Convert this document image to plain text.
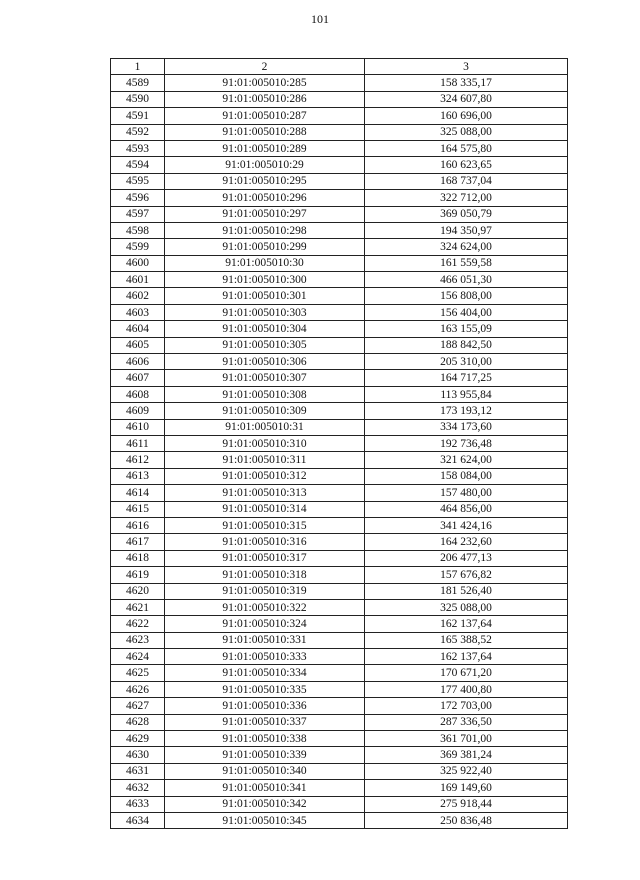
101
1	2	3
4589	91:01:005010:285	158 335,17
4590	91:01:005010:286	324 607,80
4591	91:01:005010:287	160 696,00
4592	91:01:005010:288	325 088,00
4593	91:01:005010:289	164 575,80
4594	91:01:005010:29	160 623,65
4595	91:01:005010:295	168 737,04
4596	91:01:005010:296	322 712,00
4597	91:01:005010:297	369 050,79
4598	91:01:005010:298	194 350,97
4599	91:01:005010:299	324 624,00
4600	91:01:005010:30	161 559,58
4601	91:01:005010:300	466 051,30
4602	91:01:005010:301	156 808,00
4603	91:01:005010:303	156 404,00
4604	91:01:005010:304	163 155,09
4605	91:01:005010:305	188 842,50
4606	91:01:005010:306	205 310,00
4607	91:01:005010:307	164 717,25
4608	91:01:005010:308	113 955,84
4609	91:01:005010:309	173 193,12
4610	91:01:005010:31	334 173,60
4611	91:01:005010:310	192 736,48
4612	91:01:005010:311	321 624,00
4613	91:01:005010:312	158 084,00
4614	91:01:005010:313	157 480,00
4615	91:01:005010:314	464 856,00
4616	91:01:005010:315	341 424,16
4617	91:01:005010:316	164 232,60
4618	91:01:005010:317	206 477,13
4619	91:01:005010:318	157 676,82
4620	91:01:005010:319	181 526,40
4621	91:01:005010:322	325 088,00
4622	91:01:005010:324	162 137,64
4623	91:01:005010:331	165 388,52
4624	91:01:005010:333	162 137,64
4625	91:01:005010:334	170 671,20
4626	91:01:005010:335	177 400,80
4627	91:01:005010:336	172 703,00
4628	91:01:005010:337	287 336,50
4629	91:01:005010:338	361 701,00
4630	91:01:005010:339	369 381,24
4631	91:01:005010:340	325 922,40
4632	91:01:005010:341	169 149,60
4633	91:01:005010:342	275 918,44
4634	91:01:005010:345	250 836,48
